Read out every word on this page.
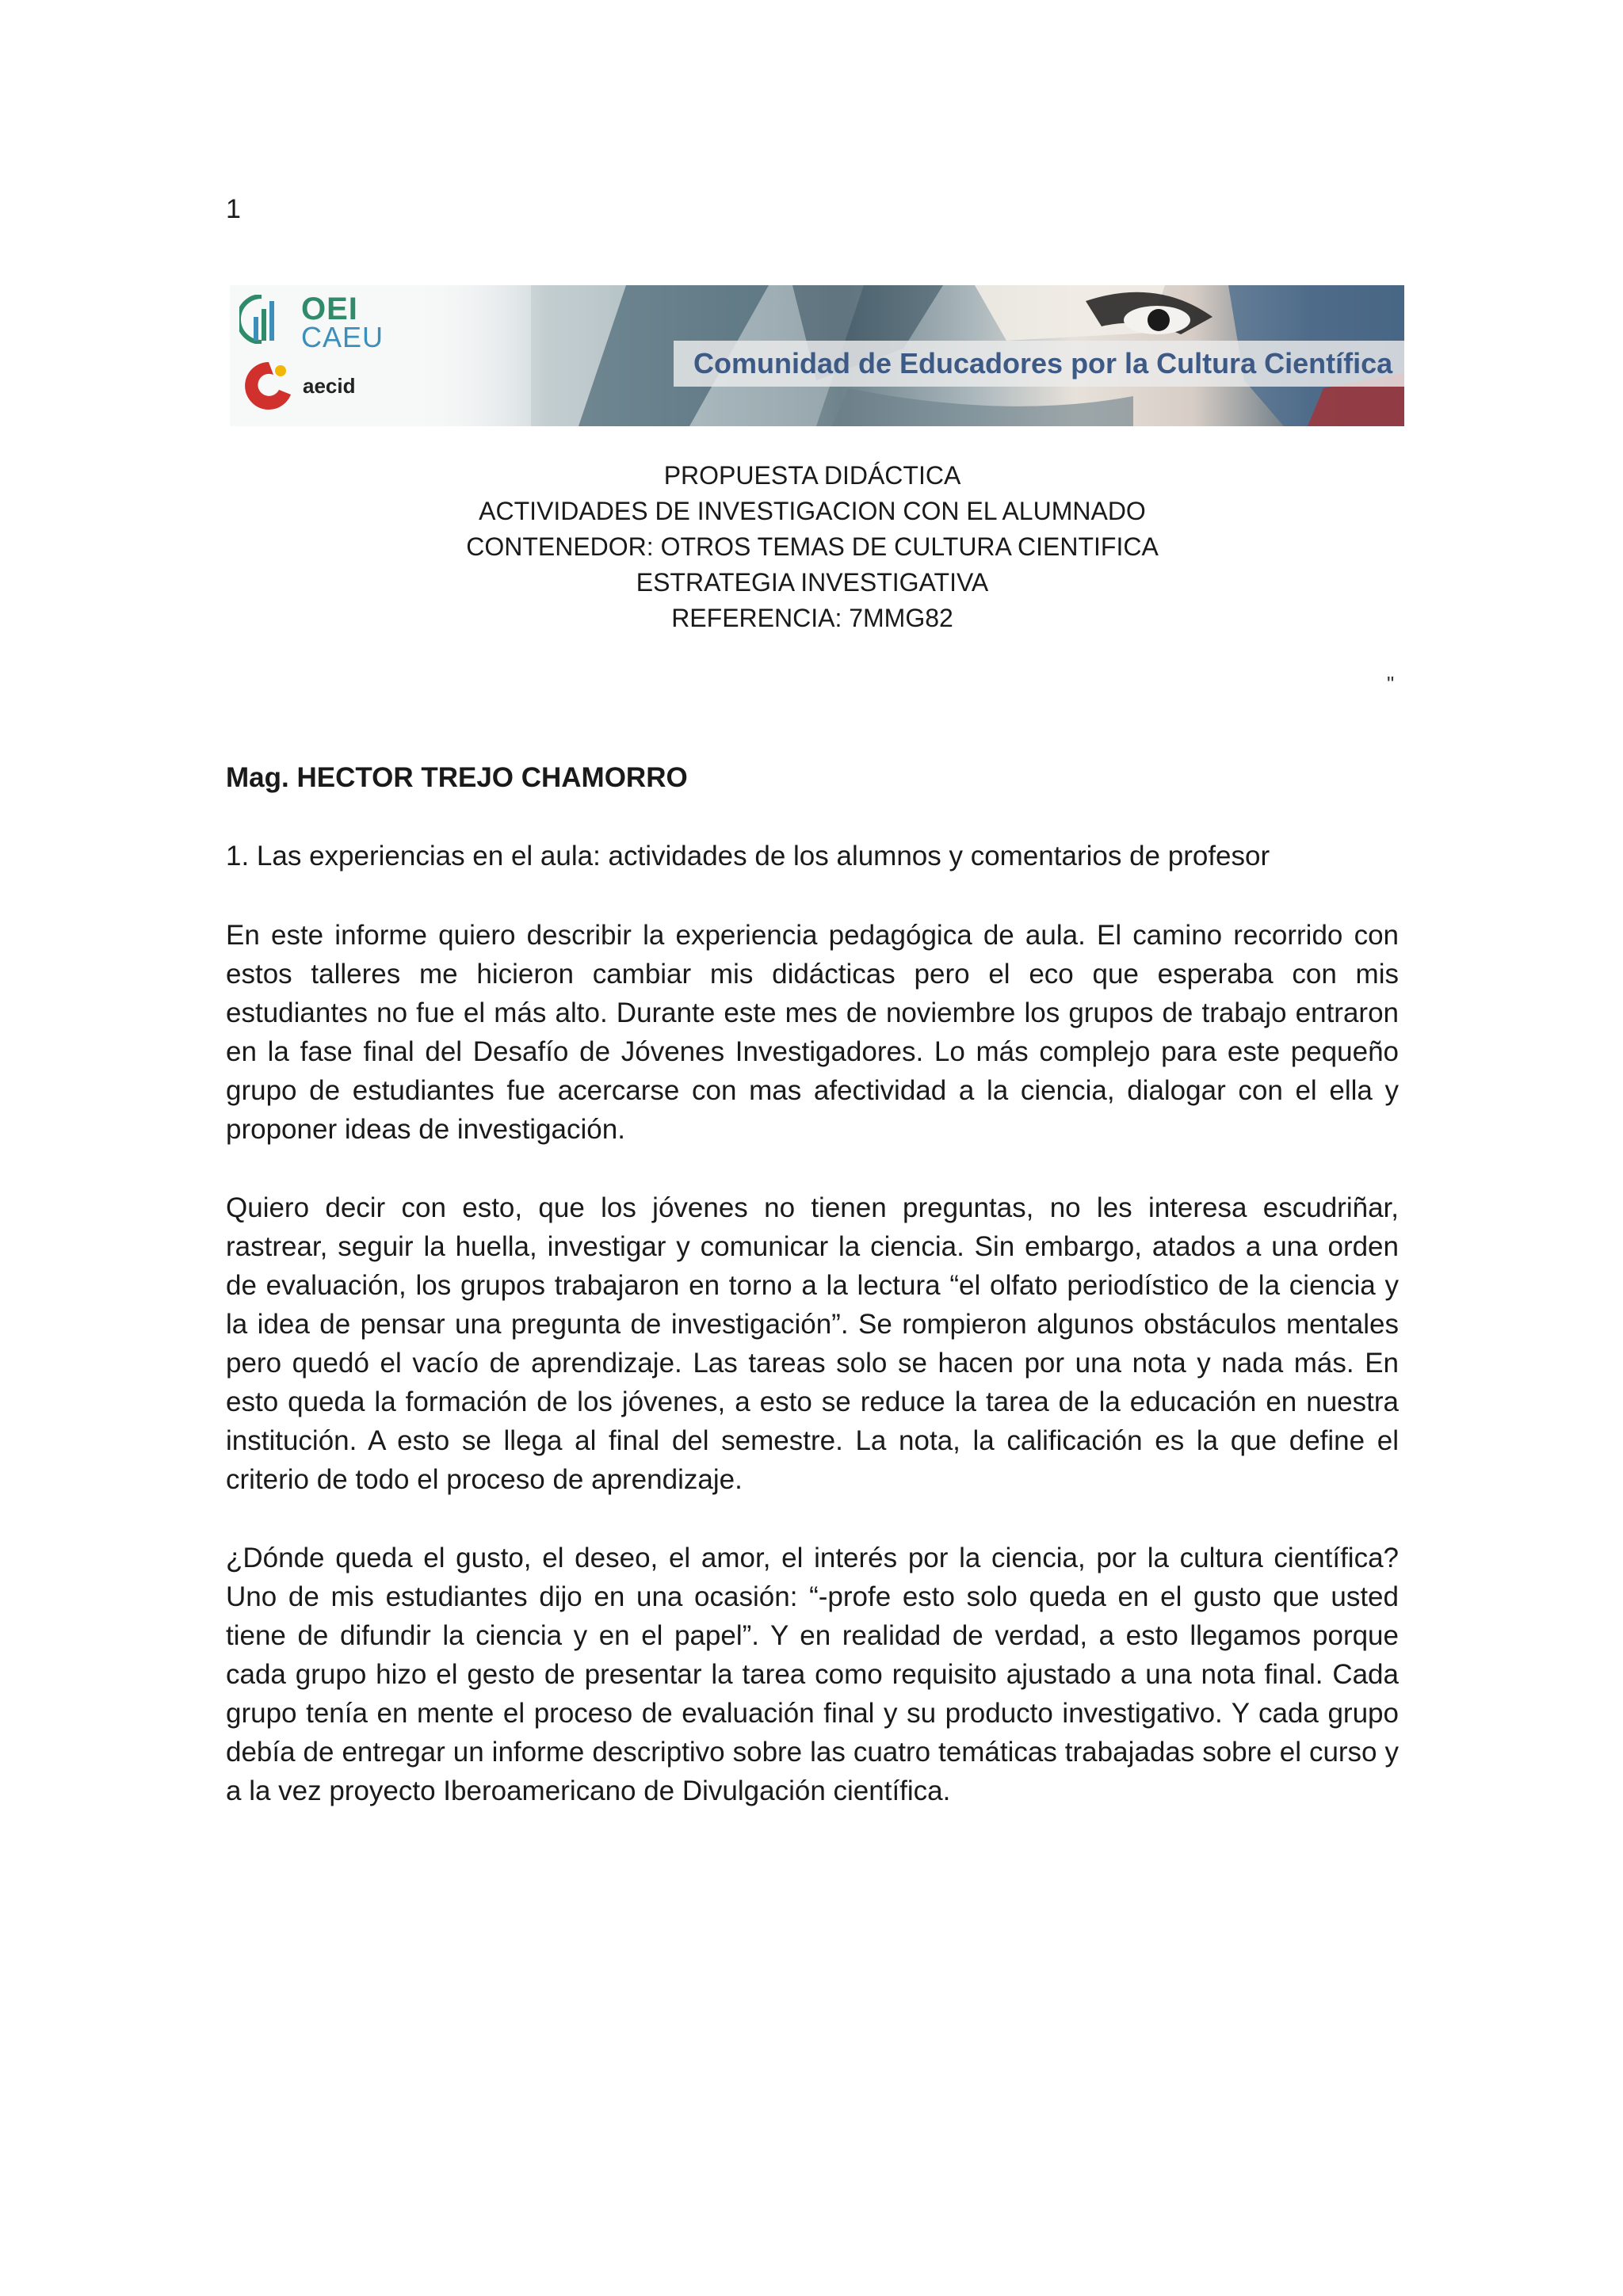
1
OEI
CAEU
aecid
Comunidad de Educadores por la Cultura Científica
PROPUESTA DIDÁCTICA
ACTIVIDADES DE INVESTIGACION CON EL ALUMNADO
CONTENEDOR: OTROS TEMAS DE CULTURA CIENTIFICA
ESTRATEGIA INVESTIGATIVA
REFERENCIA: 7MMG82
"
Mag. HECTOR TREJO CHAMORRO
1. Las experiencias en el aula: actividades de los alumnos y comentarios de profesor

En este informe quiero describir la experiencia pedagógica de aula. El camino recorrido con estos talleres me hicieron cambiar mis didácticas pero el eco que esperaba con mis estudiantes no fue el más alto. Durante este mes de noviembre los grupos de trabajo entraron en la fase final del Desafío de Jóvenes Investigadores. Lo más complejo para este pequeño grupo de estudiantes fue acercarse con mas afectividad a la ciencia, dialogar con el ella y proponer ideas de investigación.

Quiero decir con esto, que los jóvenes no tienen preguntas, no les interesa escudriñar, rastrear, seguir la huella, investigar y comunicar la ciencia. Sin embargo, atados a una orden de evaluación, los grupos trabajaron en torno a la lectura “el olfato periodístico de la ciencia y la idea de pensar una pregunta de investigación”. Se rompieron algunos obstáculos mentales pero quedó el vacío de aprendizaje. Las tareas solo se hacen por una nota y nada más. En esto queda la formación de los jóvenes, a esto se reduce la tarea de la educación en nuestra institución. A esto se llega al final del semestre. La nota, la calificación es la que define el criterio de todo el proceso de aprendizaje.

¿Dónde queda el gusto, el deseo, el amor, el interés por la ciencia, por la cultura científica? Uno de mis estudiantes dijo en una ocasión: “-profe esto solo queda en el gusto que usted tiene de difundir la ciencia y en el papel”. Y en realidad de verdad, a esto llegamos porque cada grupo hizo el gesto de presentar la tarea como requisito ajustado a una nota final. Cada grupo tenía en mente el proceso de evaluación final y su producto investigativo. Y cada grupo debía de entregar un informe descriptivo sobre las cuatro temáticas trabajadas sobre el curso y a la vez proyecto Iberoamericano de Divulgación científica.
